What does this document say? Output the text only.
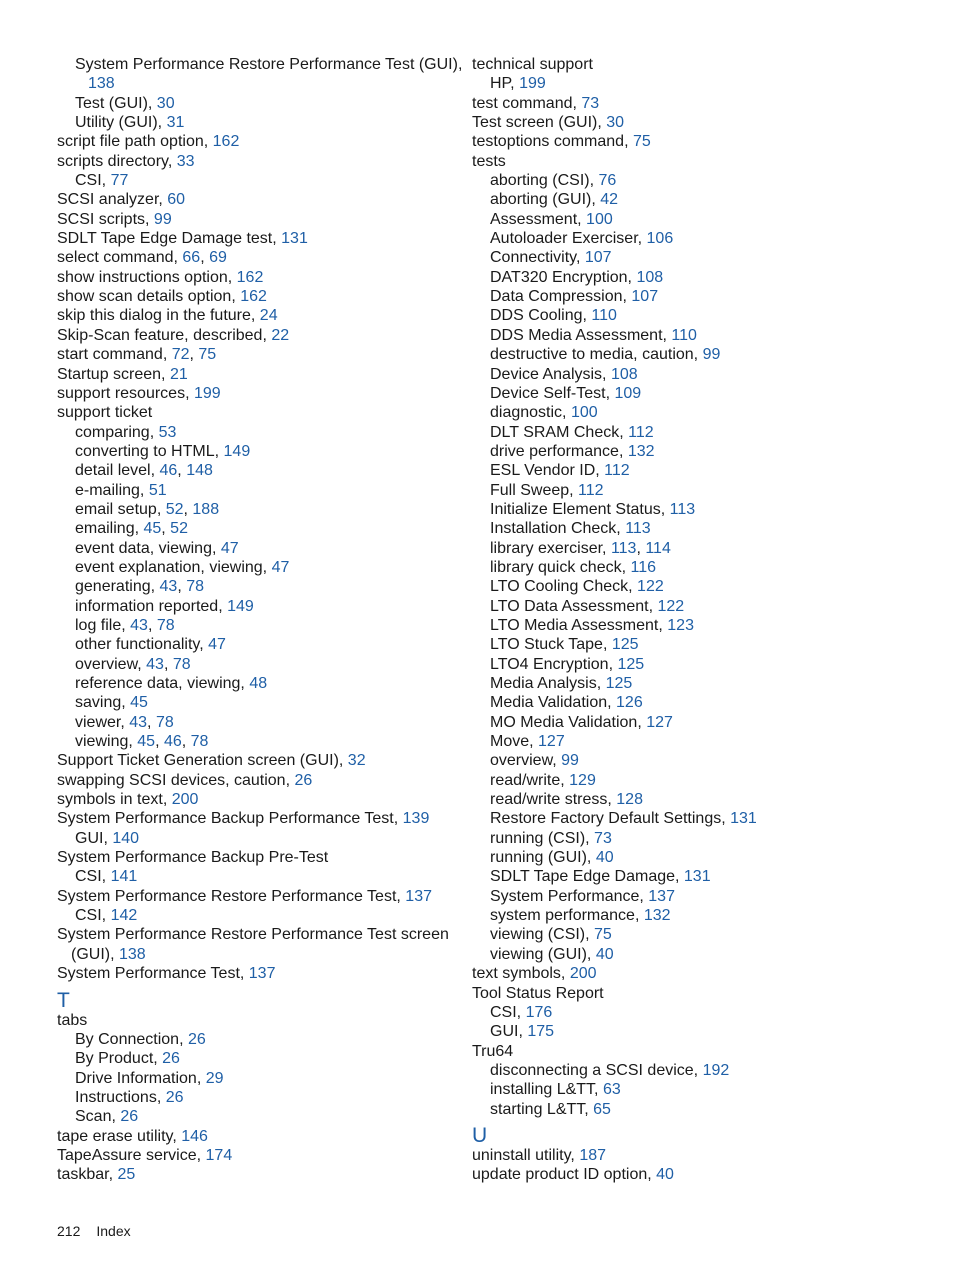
System Performance Restore Performance Test (GUI), 138
Test (GUI), 30
Utility (GUI), 31
script file path option, 162
scripts directory, 33
CSI, 77
SCSI analyzer, 60
SCSI scripts, 99
SDLT Tape Edge Damage test, 131
select command, 66, 69
show instructions option, 162
show scan details option, 162
skip this dialog in the future, 24
Skip-Scan feature, described, 22
start command, 72, 75
Startup screen, 21
support resources, 199
support ticket
comparing, 53
converting to HTML, 149
detail level, 46, 148
e-mailing, 51
email setup, 52, 188
emailing, 45, 52
event data, viewing, 47
event explanation, viewing, 47
generating, 43, 78
information reported, 149
log file, 43, 78
other functionality, 47
overview, 43, 78
reference data, viewing, 48
saving, 45
viewer, 43, 78
viewing, 45, 46, 78
Support Ticket Generation screen (GUI), 32
swapping SCSI devices, caution, 26
symbols in text, 200
System Performance Backup Performance Test, 139
GUI, 140
System Performance Backup Pre-Test
CSI, 141
System Performance Restore Performance Test, 137
CSI, 142
System Performance Restore Performance Test screen (GUI), 138
System Performance Test, 137
T
tabs
By Connection, 26
By Product, 26
Drive Information, 29
Instructions, 26
Scan, 26
tape erase utility, 146
TapeAssure service, 174
taskbar, 25
technical support
HP, 199
test command, 73
Test screen (GUI), 30
testoptions command, 75
tests
aborting (CSI), 76
aborting (GUI), 42
Assessment, 100
Autoloader Exerciser, 106
Connectivity, 107
DAT320 Encryption, 108
Data Compression, 107
DDS Cooling, 110
DDS Media Assessment, 110
destructive to media, caution, 99
Device Analysis, 108
Device Self-Test, 109
diagnostic, 100
DLT SRAM Check, 112
drive performance, 132
ESL Vendor ID, 112
Full Sweep, 112
Initialize Element Status, 113
Installation Check, 113
library exerciser, 113, 114
library quick check, 116
LTO Cooling Check, 122
LTO Data Assessment, 122
LTO Media Assessment, 123
LTO Stuck Tape, 125
LTO4 Encryption, 125
Media Analysis, 125
Media Validation, 126
MO Media Validation, 127
Move, 127
overview, 99
read/write, 129
read/write stress, 128
Restore Factory Default Settings, 131
running (CSI), 73
running (GUI), 40
SDLT Tape Edge Damage, 131
System Performance, 137
system performance, 132
viewing (CSI), 75
viewing (GUI), 40
text symbols, 200
Tool Status Report
CSI, 176
GUI, 175
Tru64
disconnecting a SCSI device, 192
installing L&TT, 63
starting L&TT, 65
U
uninstall utility, 187
update product ID option, 40
212 Index
